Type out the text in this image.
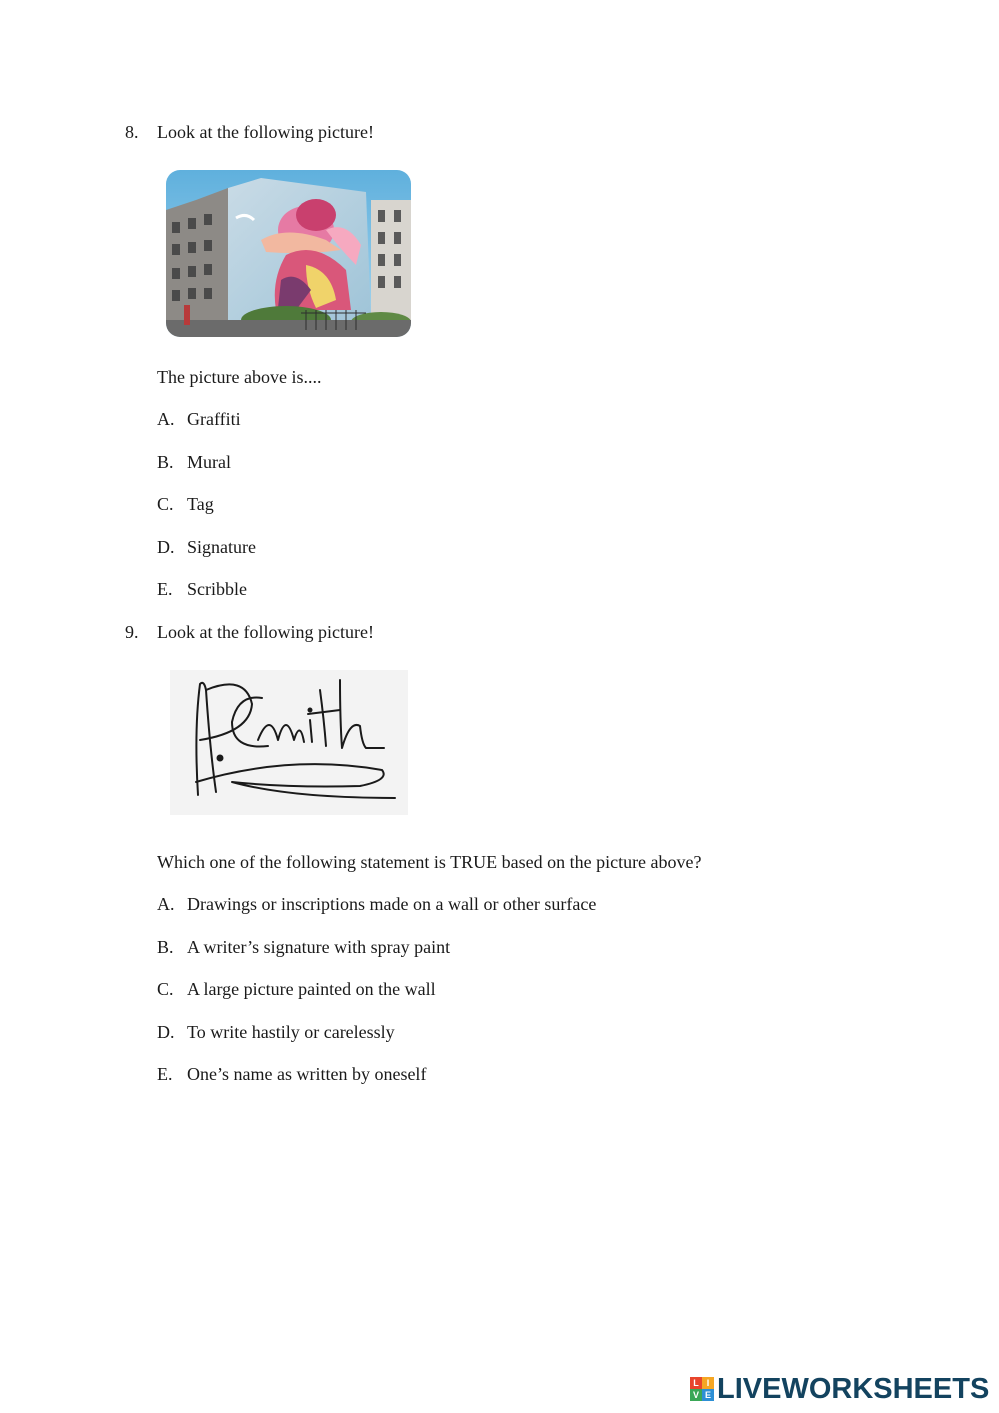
8. Look at the following picture!
The picture above is....
A. Graffiti
B. Mural
C. Tag
D. Signature
E. Scribble
9. Look at the following picture!
Which one of the following statement is TRUE based on the picture above?
A. Drawings or inscriptions made on a wall or other surface
B. A writer’s signature with spray paint
C. A large picture painted on the wall
D. To write hastily or carelessly
E. One’s name as written by oneself
L I
V E LIVEWORKSHEETS
